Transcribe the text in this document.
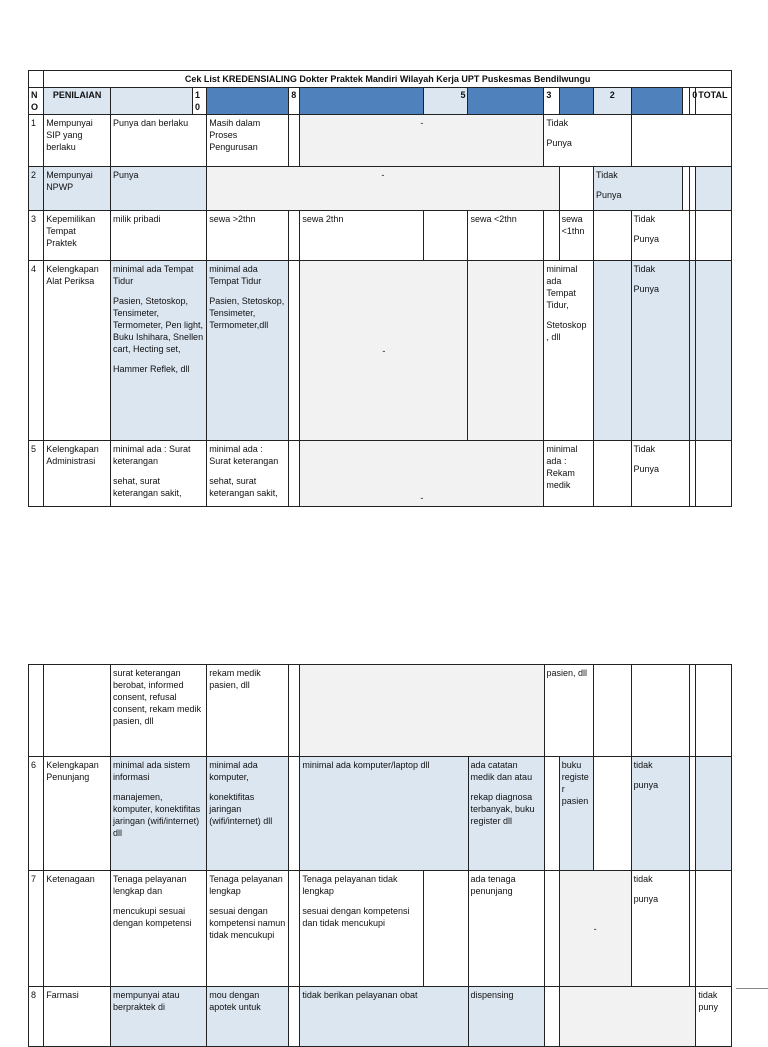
	Cek List KREDENSIALING Dokter Praktek Mandiri Wilayah Kerja UPT Puskesmas Bendilwungu														
NO	PENILAIAN		10		8		5		3		2			0	TOTAL
1	Mempunyai SIP yang berlaku	Punya dan berlaku		Masih dalam Proses Pengurusan		-			Tidak
Punya						

2	Mempunyai NPWP	Punya		-							Tidak
Punya				

3	Kepemilikan Tempat Praktek	milik pribadi		sewa >2thn		sewa 2thn		sewa <2thn		sewa <1thn		Tidak
Punya			

4	Kelengkapan Alat Periksa	minimal ada Tempat Tidur
Pasien, Stetoskop, Tensimeter, Termometer, Pen light, Buku Ishihara, Snellen cart, Hecting set,
Hammer Reflek, dll		minimal ada Tempat Tidur
Pasien, Stetoskop, Tensimeter, Termometer,dll		-			minimal ada Tempat Tidur,
Stetoskop , dll			Tidak
Punya			

5	Kelengkapan Administrasi	minimal ada : Surat keterangan
sehat, surat keterangan sakit,		minimal ada : Surat keterangan
sehat, surat keterangan sakit,		-			minimal ada : Rekam medik			Tidak
Punya			

		surat keterangan berobat, informed consent, refusal consent, rekam medik pasien, dll	rekam medik pasien, dll					pasien, dll					
6	Kelengkapan Penunjang	minimal ada sistem informasi
manajemen, komputer, konektifitas jaringan (wifi/internet) dll	minimal ada komputer,
konektifitas jaringan (wifi/internet) dll		minimal ada komputer/laptop dll		ada catatan medik dan atau
rekap diagnosa terbanyak, buku register dll		buku register pasien		tidak
punya		

7	Ketenagaan	Tenaga pelayanan lengkap dan
mencukupi sesuai dengan kompetensi	Tenaga pelayanan lengkap
sesuai dengan kompetensi namun tidak mencukupi		Tenaga pelayanan tidak lengkap
sesuai dengan kompetensi dan tidak mencukupi		ada tenaga penunjang		-		tidak
punya		

8	Farmasi	mempunyai atau berpraktek di	mou dengan apotek untuk		tidak berikan pelayanan obat		dispensing						tidak puny
